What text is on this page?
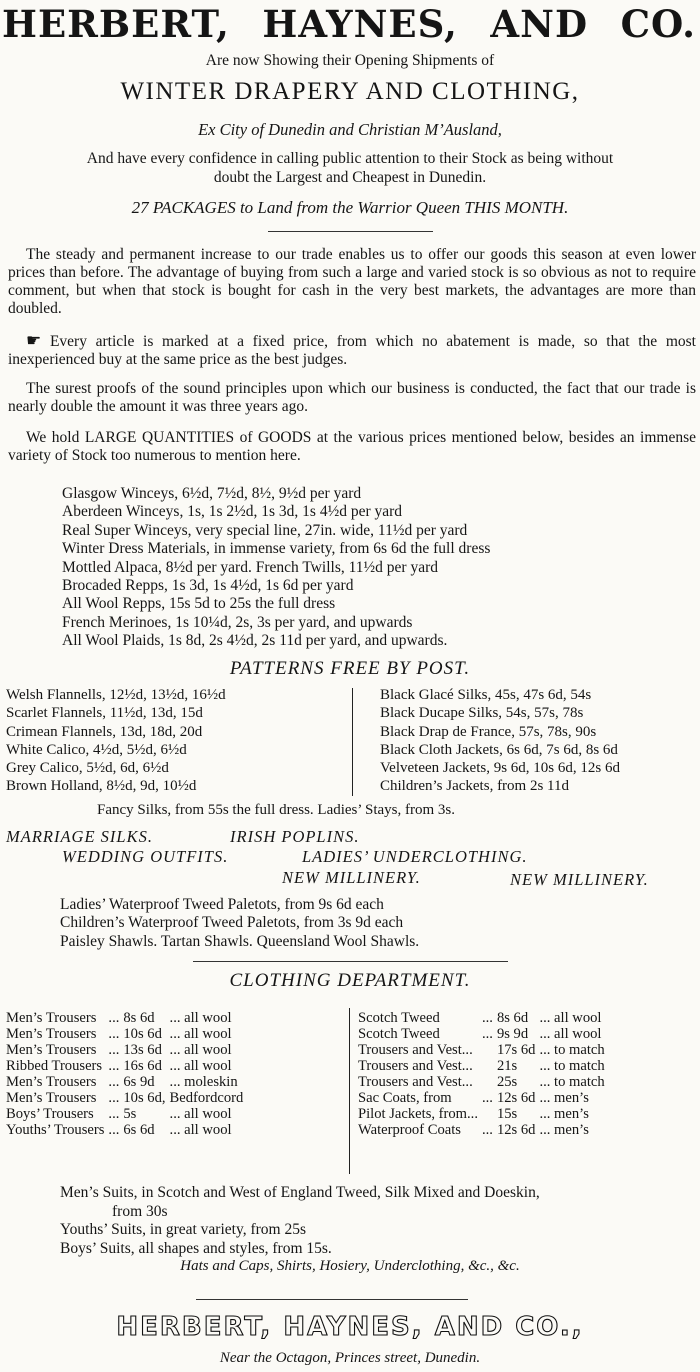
HERBERT, HAYNES, AND CO.
Are now Showing their Opening Shipments of
WINTER DRAPERY AND CLOTHING,
Ex City of Dunedin and Christian M’Ausland,
And have every confidence in calling public attention to their Stock as being without
doubt the Largest and Cheapest in Dunedin.
27 PACKAGES to Land from the Warrior Queen THIS MONTH.
The steady and permanent increase to our trade enables us to offer our goods this season at even lower prices than before. The advantage of buying from such a large and varied stock is so obvious as not to require comment, but when that stock is bought for cash in the very best markets, the advantages are more than doubled.
☛ Every article is marked at a fixed price, from which no abatement is made, so that the most inexperienced buy at the same price as the best judges.
The surest proofs of the sound principles upon which our business is conducted, the fact that our trade is nearly double the amount it was three years ago.
We hold LARGE QUANTITIES of GOODS at the various prices mentioned below, besides an immense variety of Stock too numerous to mention here.
Glasgow Winceys, 6½d, 7½d, 8½, 9½d per yard
Aberdeen Winceys, 1s, 1s 2½d, 1s 3d, 1s 4½d per yard
Real Super Winceys, very special line, 27in. wide, 11½d per yard
Winter Dress Materials, in immense variety, from 6s 6d the full dress
Mottled Alpaca, 8½d per yard. French Twills, 11½d per yard
Brocaded Repps, 1s 3d, 1s 4½d, 1s 6d per yard
All Wool Repps, 15s 5d to 25s the full dress
French Merinoes, 1s 10¼d, 2s, 3s per yard, and upwards
All Wool Plaids, 1s 8d, 2s 4½d, 2s 11d per yard, and upwards.
PATTERNS FREE BY POST.
Welsh Flannells, 12½d, 13½d, 16½d
Scarlet Flannels, 11½d, 13d, 15d
Crimean Flannels, 13d, 18d, 20d
White Calico, 4½d, 5½d, 6½d
Grey Calico, 5½d, 6d, 6½d
Brown Holland, 8½d, 9d, 10½d
Black Glacé Silks, 45s, 47s 6d, 54s
Black Ducape Silks, 54s, 57s, 78s
Black Drap de France, 57s, 78s, 90s
Black Cloth Jackets, 6s 6d, 7s 6d, 8s 6d
Velveteen Jackets, 9s 6d, 10s 6d, 12s 6d
Children’s Jackets, from 2s 11d
Fancy Silks, from 55s the full dress. Ladies’ Stays, from 3s.
MARRIAGE SILKS.	IRISH POPLINS.
WEDDING OUTFITS.	LADIES’ UNDERCLOTHING.
NEW MILLINERY.	NEW MILLINERY.
Ladies’ Waterproof Tweed Paletots, from 9s 6d each
Children’s Waterproof Tweed Paletots, from 3s 9d each
Paisley Shawls. Tartan Shawls. Queensland Wool Shawls.
CLOTHING DEPARTMENT.
Men’s Trousers	...	8s 6d	... all wool
Men’s Trousers	...	10s 6d	... all wool
Men’s Trousers	...	13s 6d	... all wool
Ribbed Trousers	...	16s 6d	... all wool
Men’s Trousers	...	6s 9d	... moleskin
Men’s Trousers	...	10s 6d,	Bedfordcord
Boys’ Trousers	...	5s	... all wool
Youths’ Trousers	...	6s 6d	... all wool
Scotch Tweed	...	8s 6d	... all wool
Scotch Tweed	...	9s 9d	... all wool
Trousers and Vest...		17s 6d	... to match
Trousers and Vest...		21s	... to match
Trousers and Vest...		25s	... to match
Sac Coats, from	...	12s 6d	... men’s
Pilot Jackets, from...		15s	... men’s
Waterproof Coats	...	12s 6d	... men’s
Men’s Suits, in Scotch and West of England Tweed, Silk Mixed and Doeskin,
from 30s
Youths’ Suits, in great variety, from 25s
Boys’ Suits, all shapes and styles, from 15s.
Hats and Caps, Shirts, Hosiery, Underclothing, &c., &c.
HERBERT, HAYNES, AND CO.,
Near the Octagon, Princes street, Dunedin.
